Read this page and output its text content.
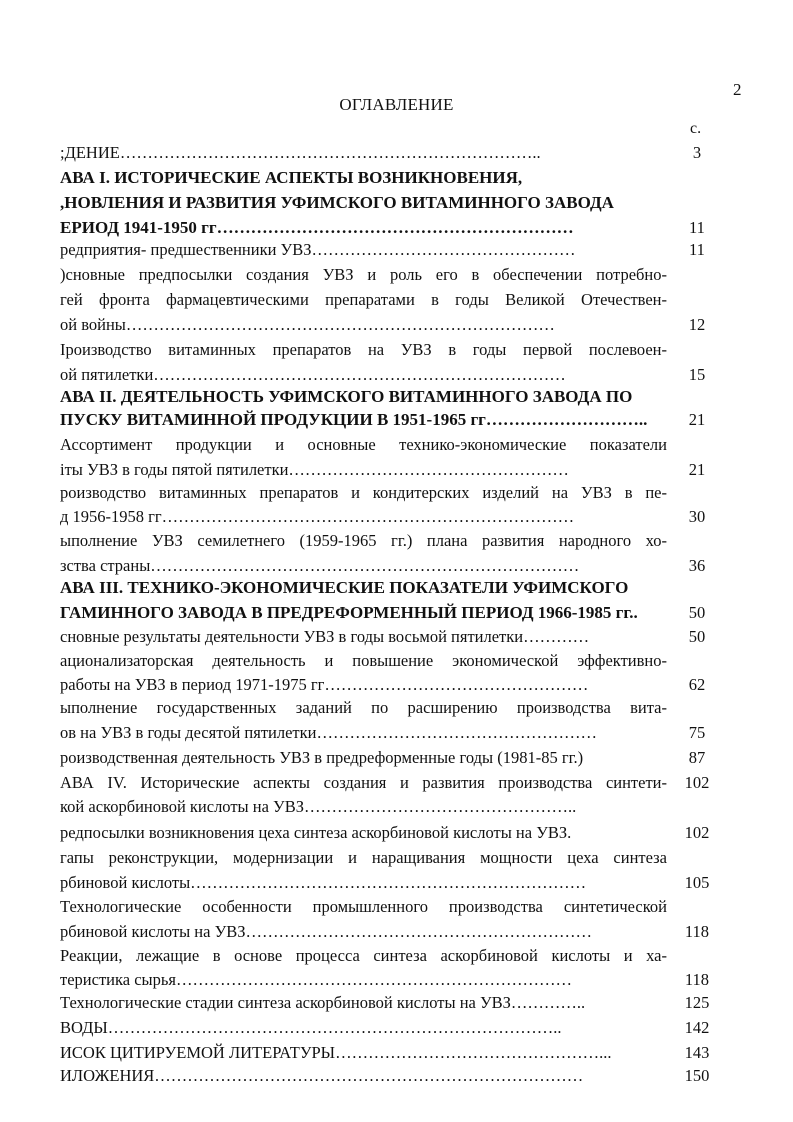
2
ОГЛАВЛЕНИЕ
с.
;ДЕНИЕ…………………………………………………………………..	3
АВА I. ИСТОРИЧЕСКИЕ АСПЕКТЫ ВОЗНИКНОВЕНИЯ,
,НОВЛЕНИЯ И РАЗВИТИЯ УФИМСКОГО ВИТАМИННОГО ЗАВОДА
ЕРИОД 1941-1950 гг………………………………………………………	11
редприятия- предшественники УВЗ…………………………………………	11
)сновные предпосылки создания УВЗ и роль его в обеспечении потребно-
гей фронта фармацевтическими препаратами в годы Великой Отечествен-
ой войны……………………………………………………………………	12
Іроизводство витаминных препаратов на УВЗ в годы первой послевоен-
ой пятилетки…………………………………………………………………	15
АВА II. ДЕЯТЕЛЬНОСТЬ УФИМСКОГО ВИТАМИННОГО ЗАВОДА ПО
ПУСКУ ВИТАМИННОЙ ПРОДУКЦИИ В 1951-1965 гг………………………..	21
Ассортимент продукции и основные технико-экономические показатели
іты УВЗ в годы пятой пятилетки……………………………………………	21
роизводство витаминных препаратов и кондитерских изделий на УВЗ в пе-
д 1956-1958 гг…………………………………………………………………	30
ыполнение УВЗ семилетнего (1959-1965 гг.) плана развития народного хо-
зства страны……………………………………………………………………	36
АВА III. ТЕХНИКО-ЭКОНОМИЧЕСКИЕ ПОКАЗАТЕЛИ УФИМСКОГО
ГАМИННОГО ЗАВОДА В ПРЕДРЕФОРМЕННЫЙ ПЕРИОД 1966-1985 гг..	50
сновные результаты деятельности УВЗ в годы восьмой пятилетки…………	50
ационализаторская деятельность и повышение экономической эффективно-
работы на УВЗ в период 1971-1975 гг…………………………………………	62
ыполнение государственных заданий по расширению производства вита-
ов на УВЗ в годы десятой пятилетки……………………………………………	75
роизводственная деятельность УВЗ в предреформенные годы (1981-85 гг.)	87
АВА IV. Исторические аспекты создания и развития производства синтети-	102
кой аскорбиновой кислоты на УВЗ…………………………………………..
редпосылки возникновения цеха синтеза аскорбиновой кислоты на УВЗ.	102
гапы реконструкции, модернизации и наращивания мощности цеха синтеза
рбиновой кислоты………………………………………………………………	105
Технологические особенности промышленного производства синтетической
рбиновой кислоты на УВЗ………………………………………………………	118
Реакции, лежащие в основе процесса синтеза аскорбиновой кислоты и ха-
теристика сырья………………………………………………………………	118
Технологические стадии синтеза аскорбиновой кислоты на УВЗ…………..	125
ВОДЫ………………………………………………………………………..	142
ИСОК ЦИТИРУЕМОЙ ЛИТЕРАТУРЫ…………………………………………...	143
ИЛОЖЕНИЯ……………………………………………………………………	150
